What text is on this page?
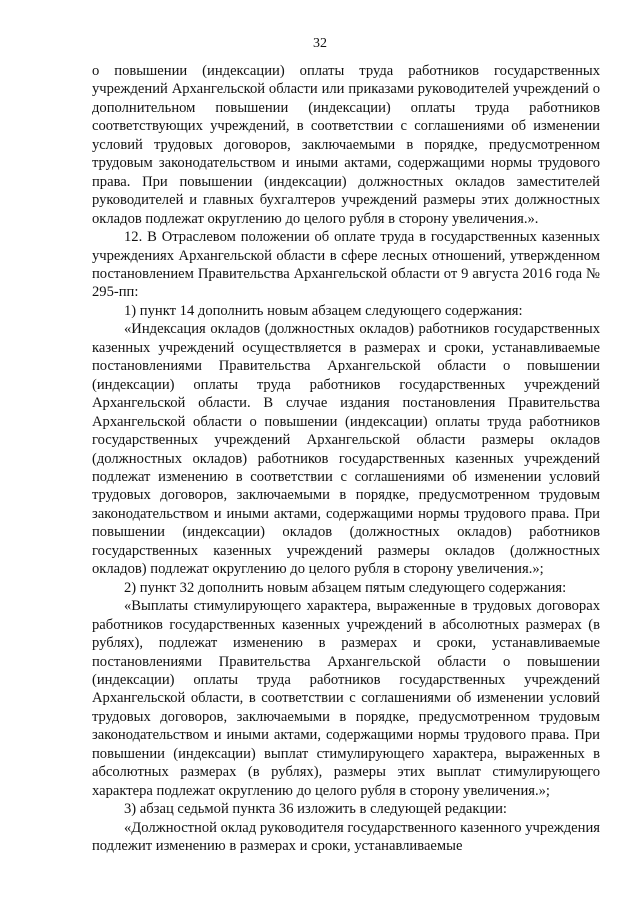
32

о повышении (индексации) оплаты труда работников государственных учреждений Архангельской области или приказами руководителей учреждений о дополнительном повышении (индексации) оплаты труда работников соответствующих учреждений, в соответствии с соглашениями об изменении условий трудовых договоров, заключаемыми в порядке, предусмотренном трудовым законодательством и иными актами, содержащими нормы трудового права. При повышении (индексации) должностных окладов заместителей руководителей и главных бухгалтеров учреждений размеры этих должностных окладов подлежат округлению до целого рубля в сторону увеличения.».

12. В Отраслевом положении об оплате труда в государственных казенных учреждениях Архангельской области в сфере лесных отношений, утвержденном постановлением Правительства Архангельской области от 9 августа 2016 года № 295-пп:

1) пункт 14 дополнить новым абзацем следующего содержания:

«Индексация окладов (должностных окладов) работников государственных казенных учреждений осуществляется в размерах и сроки, устанавливаемые постановлениями Правительства Архангельской области о повышении (индексации) оплаты труда работников государственных учреждений Архангельской области. В случае издания постановления Правительства Архангельской области о повышении (индексации) оплаты труда работников государственных учреждений Архангельской области размеры окладов (должностных окладов) работников государственных казенных учреждений подлежат изменению в соответствии с соглашениями об изменении условий трудовых договоров, заключаемыми в порядке, предусмотренном трудовым законодательством и иными актами, содержащими нормы трудового права. При повышении (индексации) окладов (должностных окладов) работников государственных казенных учреждений размеры окладов (должностных окладов) подлежат округлению до целого рубля в сторону увеличения.»;

2) пункт 32 дополнить новым абзацем пятым следующего содержания:

«Выплаты стимулирующего характера, выраженные в трудовых договорах работников государственных казенных учреждений в абсолютных размерах (в рублях), подлежат изменению в размерах и сроки, устанавливаемые постановлениями Правительства Архангельской области о повышении (индексации) оплаты труда работников государственных учреждений Архангельской области, в соответствии с соглашениями об изменении условий трудовых договоров, заключаемыми в порядке, предусмотренном трудовым законодательством и иными актами, содержащими нормы трудового права. При повышении (индексации) выплат стимулирующего характера, выраженных в абсолютных размерах (в рублях), размеры этих выплат стимулирующего характера подлежат округлению до целого рубля в сторону увеличения.»;

3) абзац седьмой пункта 36 изложить в следующей редакции:

«Должностной оклад руководителя государственного казенного учреждения подлежит изменению в размерах и сроки, устанавливаемые
